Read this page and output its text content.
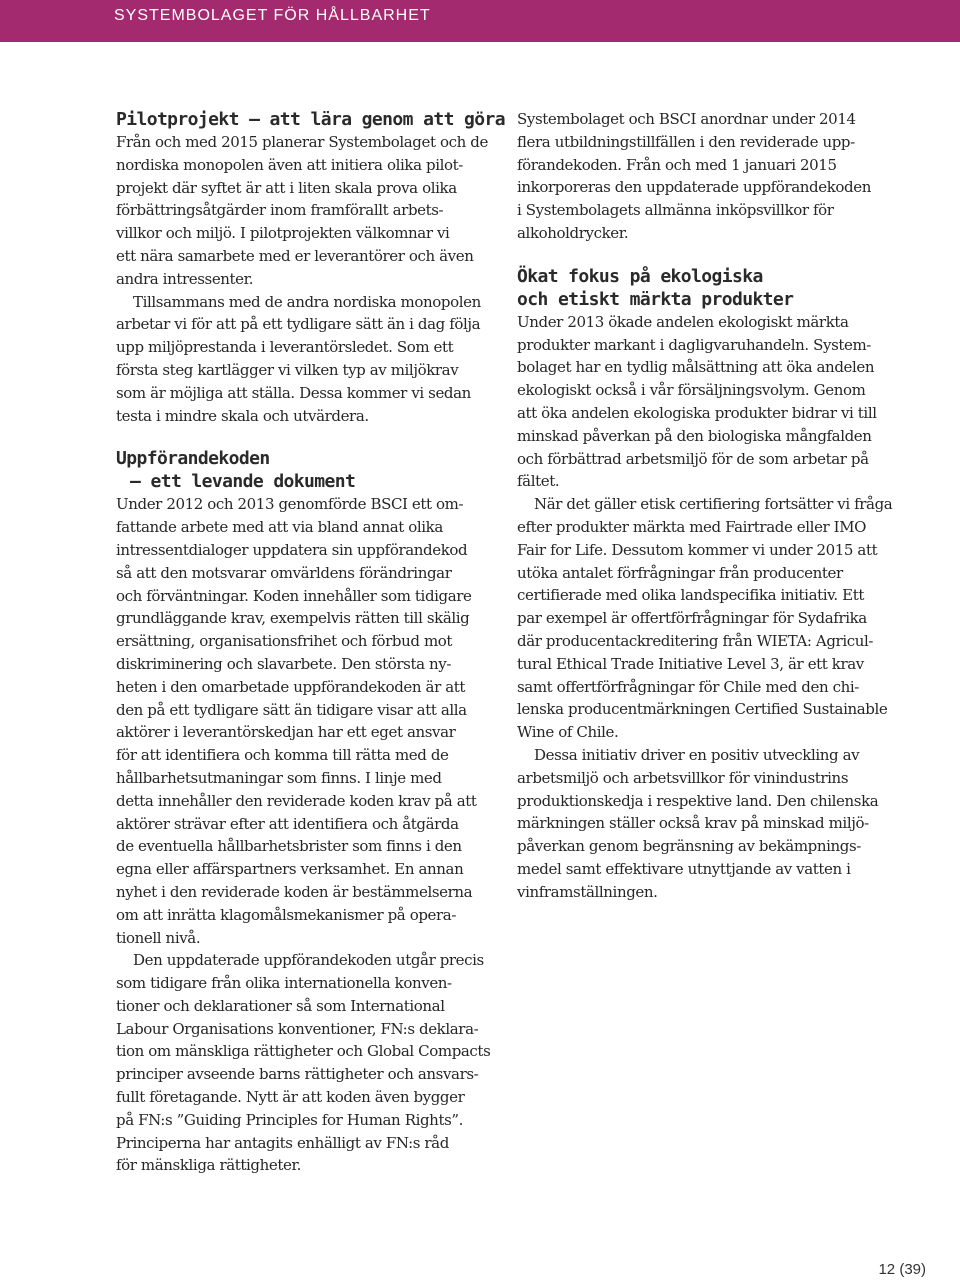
SYSTEMBOLAGET FÖR HÅLLBARHET
Pilotprojekt – att lära genom att göra

Från och med 2015 planerar Systembolaget och de
nordiska monopolen även att initiera olika pilot-
projekt där syftet är att i liten skala prova olika
förbättringsåtgärder inom framförallt arbets-
villkor och miljö. I pilotprojekten välkomnar vi
ett nära samarbete med er leverantörer och även
andra intressenter.

Tillsammans med de andra nordiska monopolen
arbetar vi för att på ett tydligare sätt än i dag följa
upp miljöprestanda i leverantörsledet. Som ett
första steg kartlägger vi vilken typ av miljökrav
som är möjliga att ställa. Dessa kommer vi sedan
testa i mindre skala och utvärdera.

Uppförandekoden
– ett levande dokument

Under 2012 och 2013 genomförde BSCI ett om-
fattande arbete med att via bland annat olika
intressentdialoger uppdatera sin uppförandekod
så att den motsvarar omvärldens förändringar
och förväntningar. Koden innehåller som tidigare
grundläggande krav, exempelvis rätten till skälig
ersättning, organisationsfrihet och förbud mot
diskriminering och slavarbete. Den största ny-
heten i den omarbetade uppförandekoden är att
den på ett tydligare sätt än tidigare visar att alla
aktörer i leverantörskedjan har ett eget ansvar
för att identifiera och komma till rätta med de
hållbarhetsutmaningar som finns. I linje med
detta innehåller den reviderade koden krav på att
aktörer strävar efter att identifiera och åtgärda
de eventuella hållbarhetsbrister som finns i den
egna eller affärspartners verksamhet. En annan
nyhet i den reviderade koden är bestämmelserna
om att inrätta klagomålsmekanismer på opera-
tionell nivå.

Den uppdaterade uppförandekoden utgår precis
som tidigare från olika internationella konven-
tioner och deklarationer så som International
Labour Organisations konventioner, FN:s deklara-
tion om mänskliga rättigheter och Global Compacts
principer avseende barns rättigheter och ansvars-
fullt företagande. Nytt är att koden även bygger
på FN:s ”Guiding Principles for Human Rights”.
Principerna har antagits enhälligt av FN:s råd
för mänskliga rättigheter.

Systembolaget och BSCI anordnar under 2014
flera utbildningstillfällen i den reviderade upp-
förandekoden. Från och med 1 januari 2015
inkorporeras den uppdaterade uppförandekoden
i Systembolagets allmänna inköpsvillkor för
alkoholdrycker.

Ökat fokus på ekologiska
och etiskt märkta produkter

Under 2013 ökade andelen ekologiskt märkta
produkter markant i dagligvaruhandeln. System-
bolaget har en tydlig målsättning att öka andelen
ekologiskt också i vår försäljningsvolym. Genom
att öka andelen ekologiska produkter bidrar vi till
minskad påverkan på den biologiska mångfalden
och förbättrad arbetsmiljö för de som arbetar på
fältet.

När det gäller etisk certifiering fortsätter vi fråga
efter produkter märkta med Fairtrade eller IMO
Fair for Life. Dessutom kommer vi under 2015 att
utöka antalet förfrågningar från producenter
certifierade med olika landspecifika initiativ. Ett
par exempel är offertförfrågningar för Sydafrika
där producentackreditering från WIETA: Agricul-
tural Ethical Trade Initiative Level 3, är ett krav
samt offertförfrågningar för Chile med den chi-
lenska producentmärkningen Certified Sustainable
Wine of Chile.

Dessa initiativ driver en positiv utveckling av
arbetsmiljö och arbetsvillkor för vinindustrins
produktionskedja i respektive land. Den chilenska
märkningen ställer också krav på minskad miljö-
påverkan genom begränsning av bekämpnings-
medel samt effektivare utnyttjande av vatten i
vinframställningen.

12 (39)
